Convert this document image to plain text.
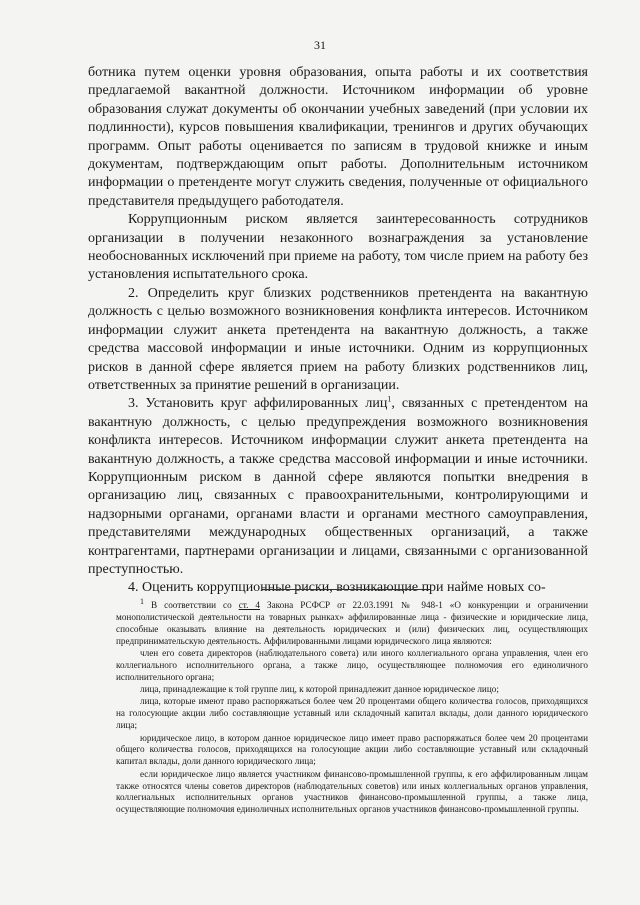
31

ботника путем оценки уровня образования, опыта работы и их соответствия предлагаемой вакантной должности. Источником информации об уровне образования служат документы об окончании учебных заведений (при условии их подлинности), курсов повышения квалификации, тренингов и других обучающих программ. Опыт работы оценивается по записям в трудовой книжке и иным документам, подтверждающим опыт работы. Дополнительным источником информации о претенденте могут служить сведения, полученные от официального представителя предыдущего работодателя.

Коррупционным риском является заинтересованность сотрудников организации в получении незаконного вознаграждения за установление необоснованных исключений при приеме на работу, том числе прием на работу без установления испытательного срока.

2. Определить круг близких родственников претендента на вакантную должность с целью возможного возникновения конфликта интересов. Источником информации служит анкета претендента на вакантную должность, а также средства массовой информации и иные источники. Одним из коррупционных рисков в данной сфере является прием на работу близких родственников лиц, ответственных за принятие решений в организации.

3. Установить круг аффилированных лиц$^1$, связанных с претендентом на вакантную должность, с целью предупреждения возможного возникновения конфликта интересов. Источником информации служит анкета претендента на вакантную должность, а также средства массовой информации и иные источники. Коррупционным риском в данной сфере являются попытки внедрения в организацию лиц, связанных с правоохранительными, контролирующими и надзорными органами, органами власти и органами местного самоуправления, представителями международных общественных организаций, а также контрагентами, партнерами организации и лицами, связанными с организованной преступностью.

4. Оценить коррупционные риски, возникающие при найме новых со-

$^1$ В соответствии со ст. 4 Закона РСФСР от 22.03.1991 № 948-1 «О конкуренции и ограничении монополистической деятельности на товарных рынках» аффилированные лица - физические и юридические лица, способные оказывать влияние на деятельность юридических и (или) физических лиц, осуществляющих предпринимательскую деятельность. Аффилированными лицами юридического лица являются:

член его совета директоров (наблюдательного совета) или иного коллегиального органа управления, член его коллегиального исполнительного органа, а также лицо, осуществляющее полномочия его единоличного исполнительного органа;

лица, принадлежащие к той группе лиц, к которой принадлежит данное юридическое лицо;

лица, которые имеют право распоряжаться более чем 20 процентами общего количества голосов, приходящихся на голосующие акции либо составляющие уставный или складочный капитал вклады, доли данного юридического лица;

юридическое лицо, в котором данное юридическое лицо имеет право распоряжаться более чем 20 процентами общего количества голосов, приходящихся на голосующие акции либо составляющие уставный или складочный капитал вклады, доли данного юридического лица;

если юридическое лицо является участником финансово-промышленной группы, к его аффилированным лицам также относятся члены советов директоров (наблюдательных советов) или иных коллегиальных органов управления, коллегиальных исполнительных органов участников финансово-промышленной группы, а также лица, осуществляющие полномочия единоличных исполнительных органов участников финансово-промышленной группы.
